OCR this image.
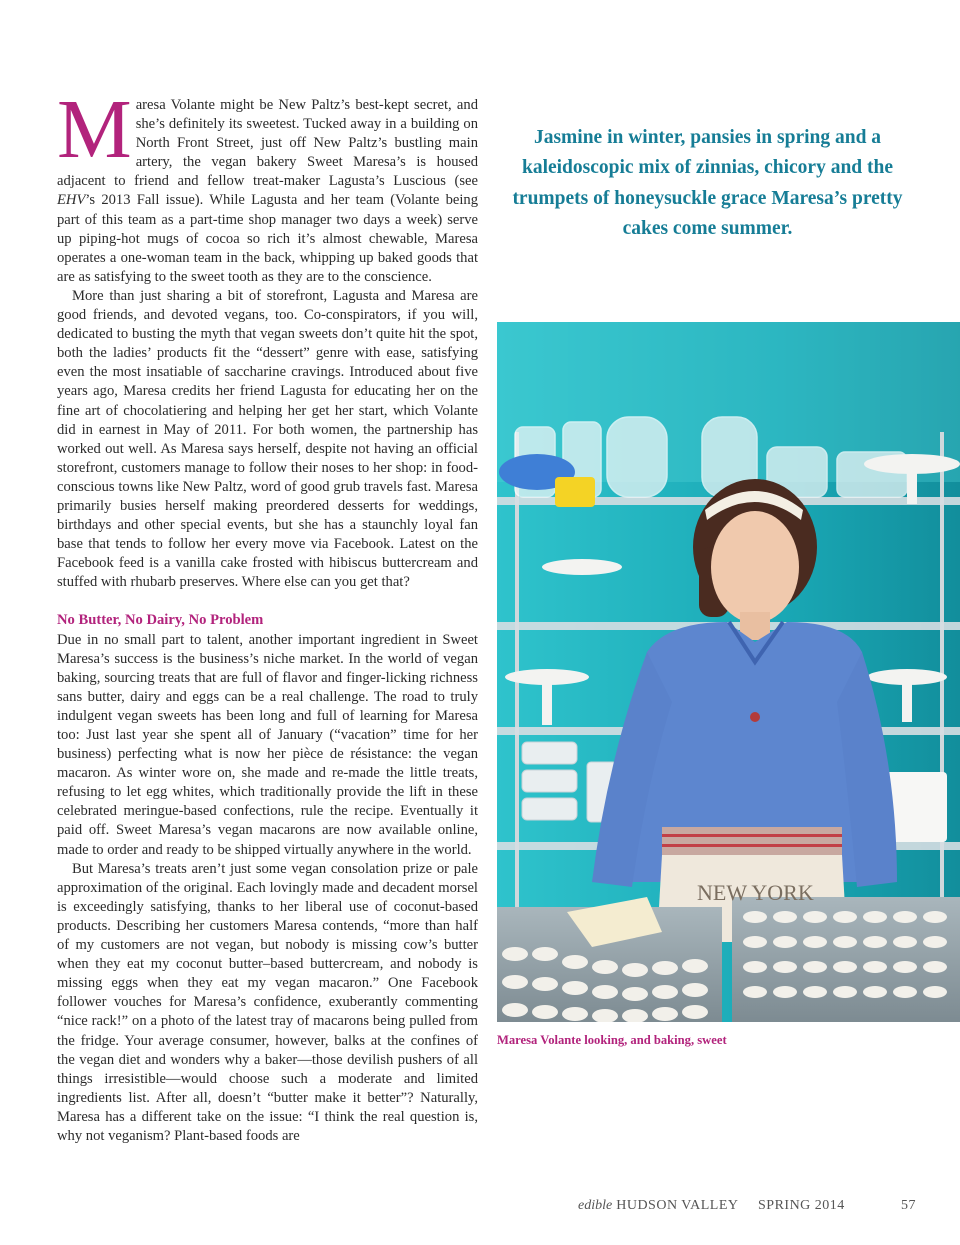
Maresa Volante might be New Paltz’s best-kept secret, and she’s definitely its sweetest. Tucked away in a building on North Front Street, just off New Paltz’s bustling main artery, the vegan bakery Sweet Maresa’s is housed adjacent to friend and fellow treat-maker Lagusta’s Luscious (see EHV’s 2013 Fall issue). While Lagusta and her team (Volante being part of this team as a part-time shop manager two days a week) serve up piping-hot mugs of cocoa so rich it’s almost chewable, Maresa operates a one-woman team in the back, whipping up baked goods that are as satisfying to the sweet tooth as they are to the conscience.

More than just sharing a bit of storefront, Lagusta and Maresa are good friends, and devoted vegans, too. Co-conspirators, if you will, dedicated to busting the myth that vegan sweets don’t quite hit the spot, both the ladies’ products fit the “dessert” genre with ease, satisfying even the most insatiable of saccharine cravings. Introduced about five years ago, Maresa credits her friend Lagusta for educating her on the fine art of chocolatiering and helping her get her start, which Volante did in earnest in May of 2011. For both women, the partnership has worked out well. As Maresa says herself, despite not having an official storefront, customers manage to follow their noses to her shop: in food-conscious towns like New Paltz, word of good grub travels fast. Maresa primarily busies herself making preordered desserts for weddings, birthdays and other special events, but she has a staunchly loyal fan base that tends to follow her every move via Facebook. Latest on the Facebook feed is a vanilla cake frosted with hibiscus buttercream and stuffed with rhubarb preserves. Where else can you get that?

No Butter, No Dairy, No Problem

Due in no small part to talent, another important ingredient in Sweet Maresa’s success is the business’s niche market. In the world of vegan baking, sourcing treats that are full of flavor and finger-licking richness sans butter, dairy and eggs can be a real challenge. The road to truly indulgent vegan sweets has been long and full of learning for Maresa too: Just last year she spent all of January (“vacation” time for her business) perfecting what is now her pièce de résistance: the vegan macaron. As winter wore on, she made and re-made the little treats, refusing to let egg whites, which traditionally provide the lift in these celebrated meringue-based confections, rule the recipe. Eventually it paid off. Sweet Maresa’s vegan macarons are now available online, made to order and ready to be shipped virtually anywhere in the world.

But Maresa’s treats aren’t just some vegan consolation prize or pale approximation of the original. Each lovingly made and decadent morsel is exceedingly satisfying, thanks to her liberal use of coconut-based products. Describing her customers Maresa contends, “more than half of my customers are not vegan, but nobody is missing cow’s butter when they eat my coconut butter–based buttercream, and nobody is missing eggs when they eat my vegan macaron.” One Facebook follower vouches for Maresa’s confidence, exuberantly commenting “nice rack!” on a photo of the latest tray of macarons being pulled from the fridge. Your average consumer, however, balks at the confines of the vegan diet and wonders why a baker—those devilish pushers of all things irresistible—would choose such a moderate and limited ingredients list. After all, doesn’t “butter make it better”? Naturally, Maresa has a different take on the issue: “I think the real question is, why not veganism? Plant-based foods are

Jasmine in winter, pansies in spring and a kaleidoscopic mix of zinnias, chicory and the trumpets of honeysuckle grace Maresa’s pretty cakes come summer.
NEW YORK
Maresa Volante looking, and baking, sweet
edible HUDSON VALLEY SPRING 2014	57
